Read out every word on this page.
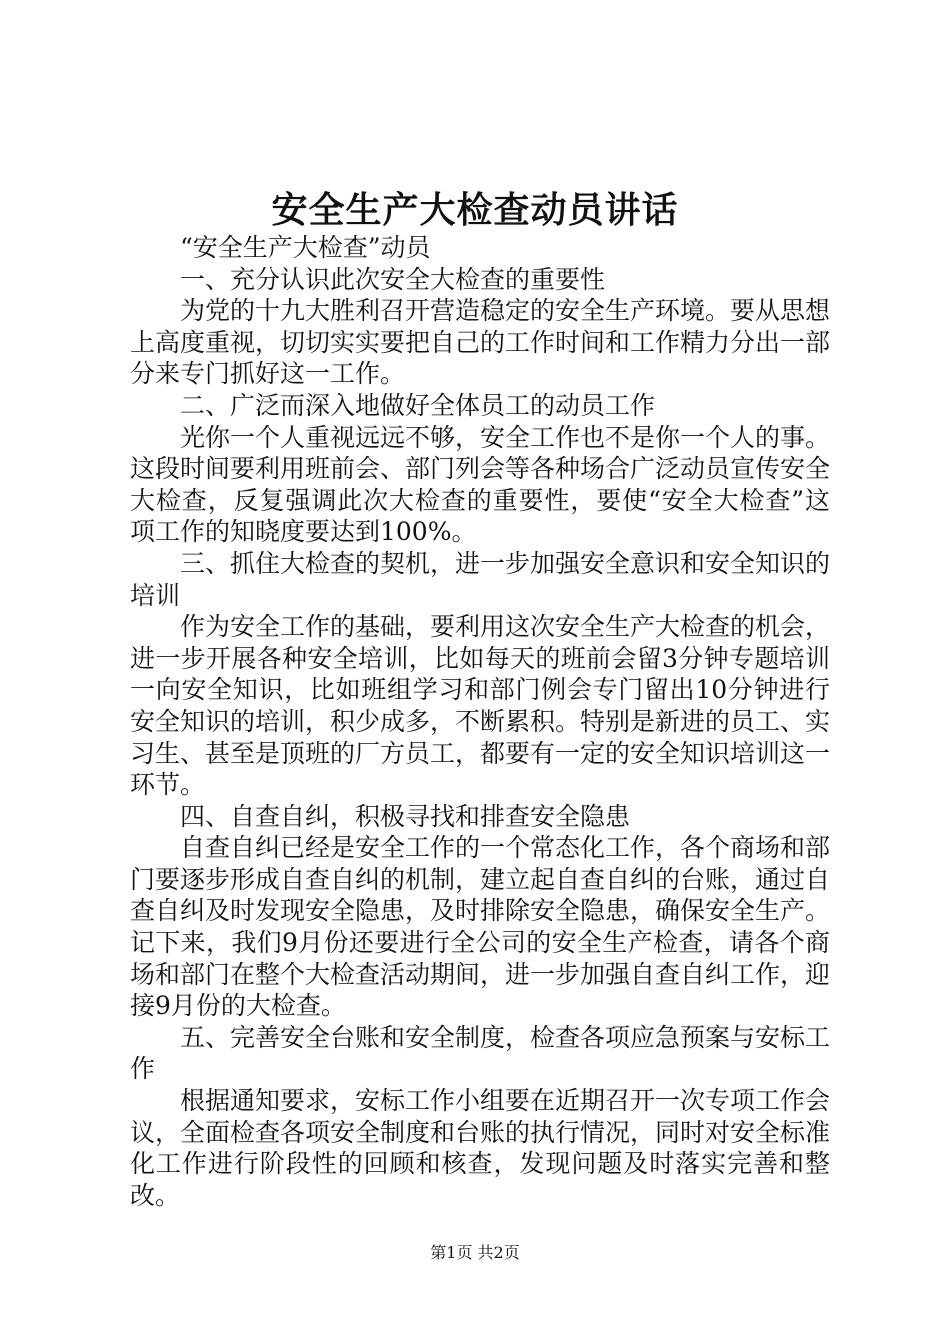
安全生产大检查动员讲话

“安全生产大检查”动员

一、充分认识此次安全大检查的重要性

为党的十九大胜利召开营造稳定的安全生产环境。要从思想上高度重视，切切实实要把自己的工作时间和工作精力分出一部分来专门抓好这一工作。

二、广泛而深入地做好全体员工的动员工作

光你一个人重视远远不够，安全工作也不是你一个人的事。这段时间要利用班前会、部门列会等各种场合广泛动员宣传安全大检查，反复强调此次大检查的重要性，要使“安全大检查”这项工作的知晓度要达到100%。

三、抓住大检查的契机，进一步加强安全意识和安全知识的培训

作为安全工作的基础，要利用这次安全生产大检查的机会，进一步开展各种安全培训，比如每天的班前会留3分钟专题培训一向安全知识，比如班组学习和部门例会专门留出10分钟进行安全知识的培训，积少成多，不断累积。特别是新进的员工、实习生、甚至是顶班的厂方员工，都要有一定的安全知识培训这一环节。

四、自查自纠，积极寻找和排查安全隐患

自查自纠已经是安全工作的一个常态化工作，各个商场和部门要逐步形成自查自纠的机制，建立起自查自纠的台账，通过自查自纠及时发现安全隐患，及时排除安全隐患，确保安全生产。记下来，我们9月份还要进行全公司的安全生产检查，请各个商场和部门在整个大检查活动期间，进一步加强自查自纠工作，迎接9月份的大检查。

五、完善安全台账和安全制度，检查各项应急预案与安标工作

根据通知要求，安标工作小组要在近期召开一次专项工作会议，全面检查各项安全制度和台账的执行情况，同时对安全标准化工作进行阶段性的回顾和核查，发现问题及时落实完善和整改。

第1页 共2页
